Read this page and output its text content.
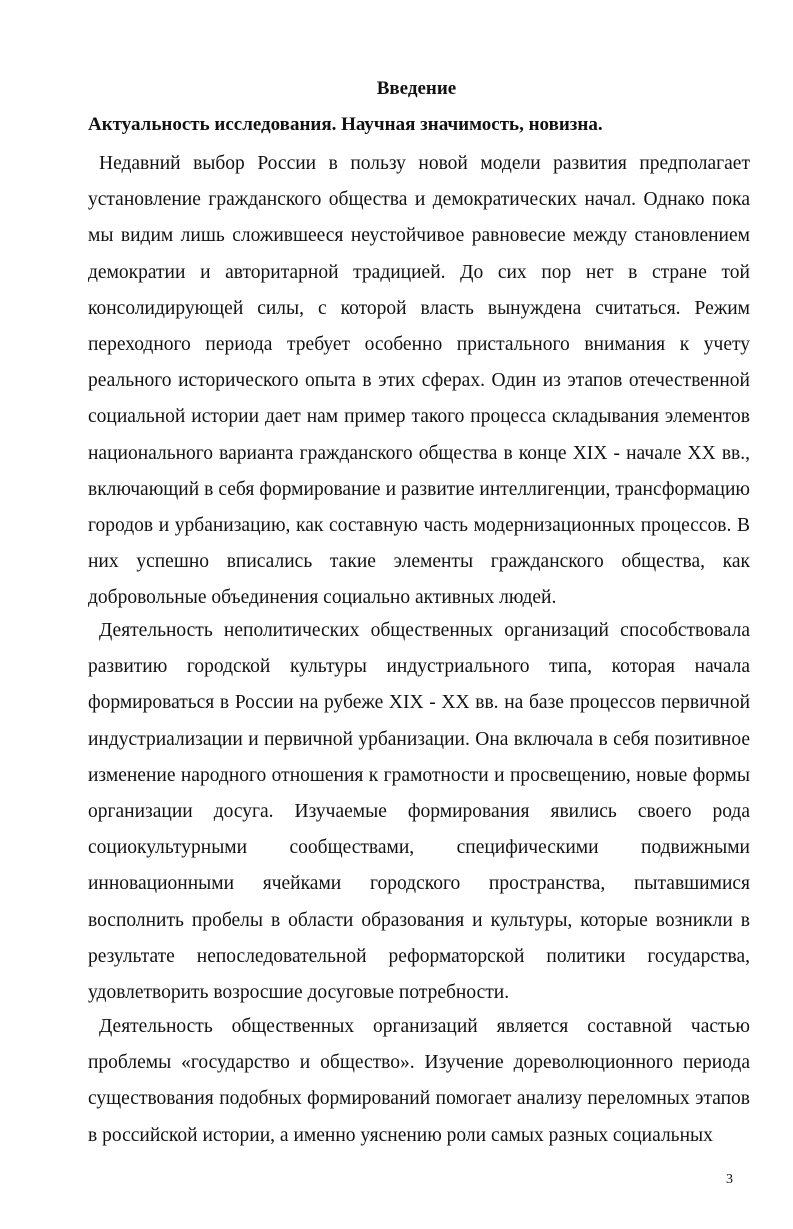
Введение
Актуальность исследования. Научная значимость, новизна.

Недавний выбор России в пользу новой модели развития предполагает установление гражданского общества и демократических начал. Однако пока мы видим лишь сложившееся неустойчивое равновесие между становлением демократии и авторитарной традицией. До сих пор нет в стране той консолидирующей силы, с которой власть вынуждена считаться. Режим переходного периода требует особенно пристального внимания к учету реального исторического опыта в этих сферах. Один из этапов отечественной социальной истории дает нам пример такого процесса складывания элементов национального варианта гражданского общества в конце XIX - начале XX вв., включающий в себя формирование и развитие интеллигенции, трансформацию городов и урбанизацию, как составную часть модернизационных процессов. В них успешно вписались такие элементы гражданского общества, как добровольные объединения социально активных людей.

Деятельность неполитических общественных организаций способствовала развитию городской культуры индустриального типа, которая начала формироваться в России на рубеже XIX - XX вв. на базе процессов первичной индустриализации и первичной урбанизации. Она включала в себя позитивное изменение народного отношения к грамотности и просвещению, новые формы организации досуга. Изучаемые формирования явились своего рода социокультурными сообществами, специфическими подвижными инновационными ячейками городского пространства, пытавшимися восполнить пробелы в области образования и культуры, которые возникли в результате непоследовательной реформаторской политики государства, удовлетворить возросшие досуговые потребности.

Деятельность общественных организаций является составной частью проблемы «государство и общество». Изучение дореволюционного периода существования подобных формирований помогает анализу переломных этапов в российской истории, а именно уяснению роли самых разных социальных

3
